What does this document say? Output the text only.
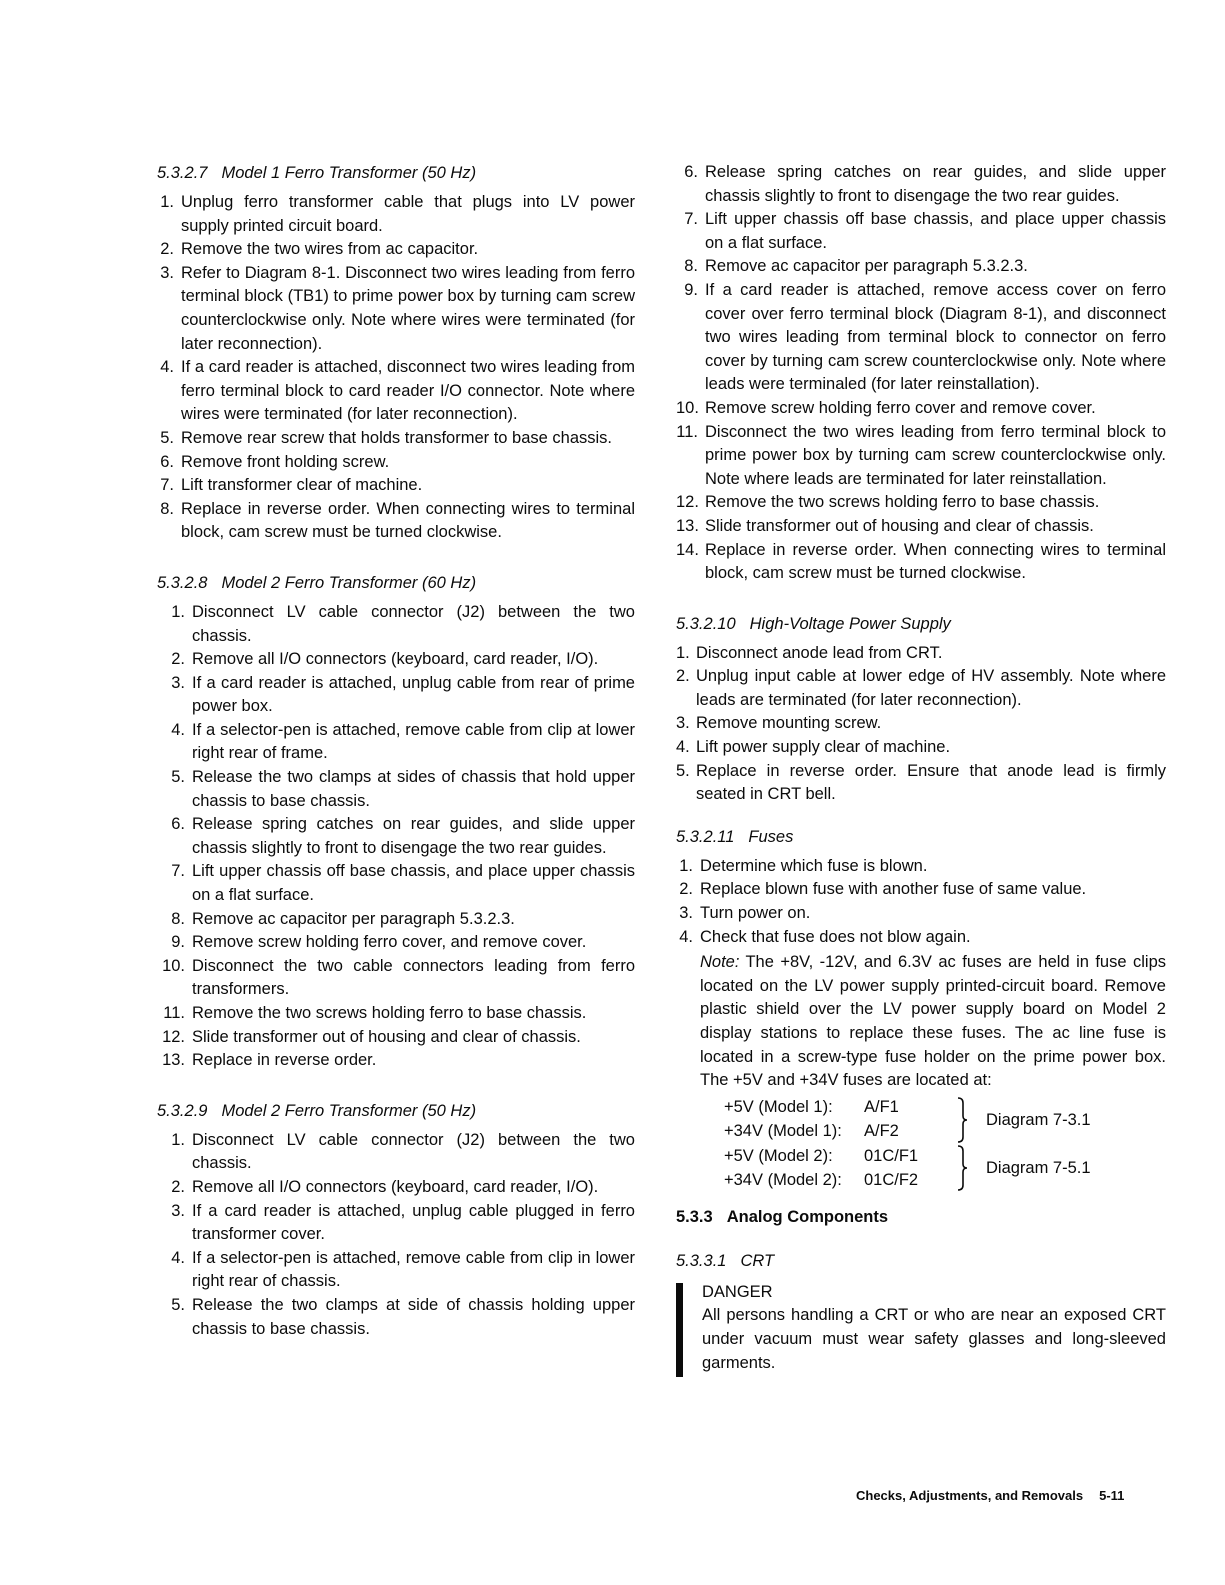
5.3.2.7 Model 1 Ferro Transformer (50 Hz)
1. Unplug ferro transformer cable that plugs into LV power supply printed circuit board.
2. Remove the two wires from ac capacitor.
3. Refer to Diagram 8-1. Disconnect two wires leading from ferro terminal block (TB1) to prime power box by turning cam screw counterclockwise only. Note where wires were terminated (for later reconnection).
4. If a card reader is attached, disconnect two wires leading from ferro terminal block to card reader I/O connector. Note where wires were terminated (for later reconnection).
5. Remove rear screw that holds transformer to base chassis.
6. Remove front holding screw.
7. Lift transformer clear of machine.
8. Replace in reverse order. When connecting wires to terminal block, cam screw must be turned clockwise.
5.3.2.8 Model 2 Ferro Transformer (60 Hz)
1. Disconnect LV cable connector (J2) between the two chassis.
2. Remove all I/O connectors (keyboard, card reader, I/O).
3. If a card reader is attached, unplug cable from rear of prime power box.
4. If a selector-pen is attached, remove cable from clip at lower right rear of frame.
5. Release the two clamps at sides of chassis that hold upper chassis to base chassis.
6. Release spring catches on rear guides, and slide upper chassis slightly to front to disengage the two rear guides.
7. Lift upper chassis off base chassis, and place upper chassis on a flat surface.
8. Remove ac capacitor per paragraph 5.3.2.3.
9. Remove screw holding ferro cover, and remove cover.
10. Disconnect the two cable connectors leading from ferro transformers.
11. Remove the two screws holding ferro to base chassis.
12. Slide transformer out of housing and clear of chassis.
13. Replace in reverse order.
5.3.2.9 Model 2 Ferro Transformer (50 Hz)
1. Disconnect LV cable connector (J2) between the two chassis.
2. Remove all I/O connectors (keyboard, card reader, I/O).
3. If a card reader is attached, unplug cable plugged in ferro transformer cover.
4. If a selector-pen is attached, remove cable from clip in lower right rear of chassis.
5. Release the two clamps at side of chassis holding upper chassis to base chassis.
6. Release spring catches on rear guides, and slide upper chassis slightly to front to disengage the two rear guides.
7. Lift upper chassis off base chassis, and place upper chassis on a flat surface.
8. Remove ac capacitor per paragraph 5.3.2.3.
9. If a card reader is attached, remove access cover on ferro cover over ferro terminal block (Diagram 8-1), and disconnect two wires leading from terminal block to connector on ferro cover by turning cam screw counterclockwise only. Note where leads were terminaled (for later reinstallation).
10. Remove screw holding ferro cover and remove cover.
11. Disconnect the two wires leading from ferro terminal block to prime power box by turning cam screw counterclockwise only. Note where leads are terminated for later reinstallation.
12. Remove the two screws holding ferro to base chassis.
13. Slide transformer out of housing and clear of chassis.
14. Replace in reverse order. When connecting wires to terminal block, cam screw must be turned clockwise.
5.3.2.10 High-Voltage Power Supply
1. Disconnect anode lead from CRT.
2. Unplug input cable at lower edge of HV assembly. Note where leads are terminated (for later reconnection).
3. Remove mounting screw.
4. Lift power supply clear of machine.
5. Replace in reverse order. Ensure that anode lead is firmly seated in CRT bell.
5.3.2.11 Fuses
1. Determine which fuse is blown.
2. Replace blown fuse with another fuse of same value.
3. Turn power on.
4. Check that fuse does not blow again.
Note: The +8V, -12V, and 6.3V ac fuses are held in fuse clips located on the LV power supply printed-circuit board. Remove plastic shield over the LV power supply board on Model 2 display stations to replace these fuses. The ac line fuse is located in a screw-type fuse holder on the prime power box. The +5V and +34V fuses are located at:
+5V (Model 1): A/F1
+34V (Model 1): A/F2
+5V (Model 2): 01C/F1
+34V (Model 2): 01C/F2
Diagram 7-3.1
Diagram 7-5.1
5.3.3 Analog Components
5.3.3.1 CRT
DANGER
All persons handling a CRT or who are near an exposed CRT under vacuum must wear safety glasses and long-sleeved garments.
Checks, Adjustments, and Removals 5-11
